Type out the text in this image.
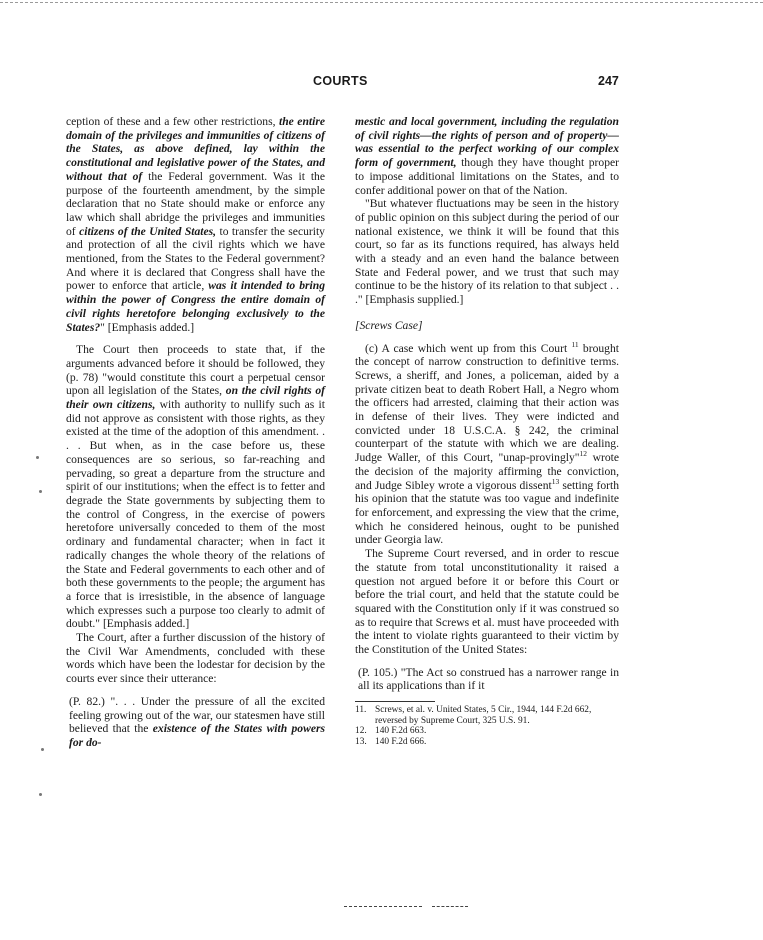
COURTS	247

ception of these and a few other restrictions, the entire domain of the privileges and immunities of citizens of the States, as above defined, lay within the constitutional and legislative power of the States, and without that of the Federal government. Was it the purpose of the fourteenth amendment, by the simple declaration that no State should make or enforce any law which shall abridge the privileges and immunities of citizens of the United States, to transfer the security and protection of all the civil rights which we have mentioned, from the States to the Federal government? And where it is declared that Congress shall have the power to enforce that article, was it intended to bring within the power of Congress the entire domain of civil rights heretofore belonging exclusively to the States?" [Emphasis added.]

The Court then proceeds to state that, if the arguments advanced before it should be followed, they (p. 78) "would constitute this court a perpetual censor upon all legislation of the States, on the civil rights of their own citizens, with authority to nullify such as it did not approve as consistent with those rights, as they existed at the time of the adoption of this amendment. . . . But when, as in the case before us, these consequences are so serious, so far-reaching and pervading, so great a departure from the structure and spirit of our institutions; when the effect is to fetter and degrade the State governments by subjecting them to the control of Congress, in the exercise of powers heretofore universally conceded to them of the most ordinary and fundamental character; when in fact it radically changes the whole theory of the relations of the State and Federal governments to each other and of both these governments to the people; the argument has a force that is irresistible, in the absence of language which expresses such a purpose too clearly to admit of doubt." [Emphasis added.]

The Court, after a further discussion of the history of the Civil War Amendments, concluded with these words which have been the lodestar for decision by the courts ever since their utterance:

(P. 82.) ". . . Under the pressure of all the excited feeling growing out of the war, our statesmen have still believed that the existence of the States with powers for do-

mestic and local government, including the regulation of civil rights—the rights of person and of property—was essential to the perfect working of our complex form of government, though they have thought proper to impose additional limitations on the States, and to confer additional power on that of the Nation.

"But whatever fluctuations may be seen in the history of public opinion on this subject during the period of our national existence, we think it will be found that this court, so far as its functions required, has always held with a steady and an even hand the balance between State and Federal power, and we trust that such may continue to be the history of its relation to that subject . . ." [Emphasis supplied.]

[Screws Case]

(c) A case which went up from this Court $^{11}$ brought the concept of narrow construction to definitive terms. Screws, a sheriff, and Jones, a policeman, aided by a private citizen beat to death Robert Hall, a Negro whom the officers had arrested, claiming that their action was in defense of their lives. They were indicted and convicted under 18 U.S.C.A. § 242, the criminal counterpart of the statute with which we are dealing. Judge Waller, of this Court, "unap-provingly"$^{12}$ wrote the decision of the majority affirming the conviction, and Judge Sibley wrote a vigorous dissent$^{13}$ setting forth his opinion that the statute was too vague and indefinite for enforcement, and expressing the view that the crime, which he considered heinous, ought to be punished under Georgia law.

The Supreme Court reversed, and in order to rescue the statute from total unconstitutionality it raised a question not argued before it or before this Court or before the trial court, and held that the statute could be squared with the Constitution only if it was construed so as to require that Screws et al. must have proceeded with the intent to violate rights guaranteed to their victim by the Constitution of the United States:

(P. 105.) "The Act so construed has a narrower range in all its applications than if it

11. Screws, et al. v. United States, 5 Cir., 1944, 144 F.2d 662, reversed by Supreme Court, 325 U.S. 91.
12. 140 F.2d 663.
13. 140 F.2d 666.
